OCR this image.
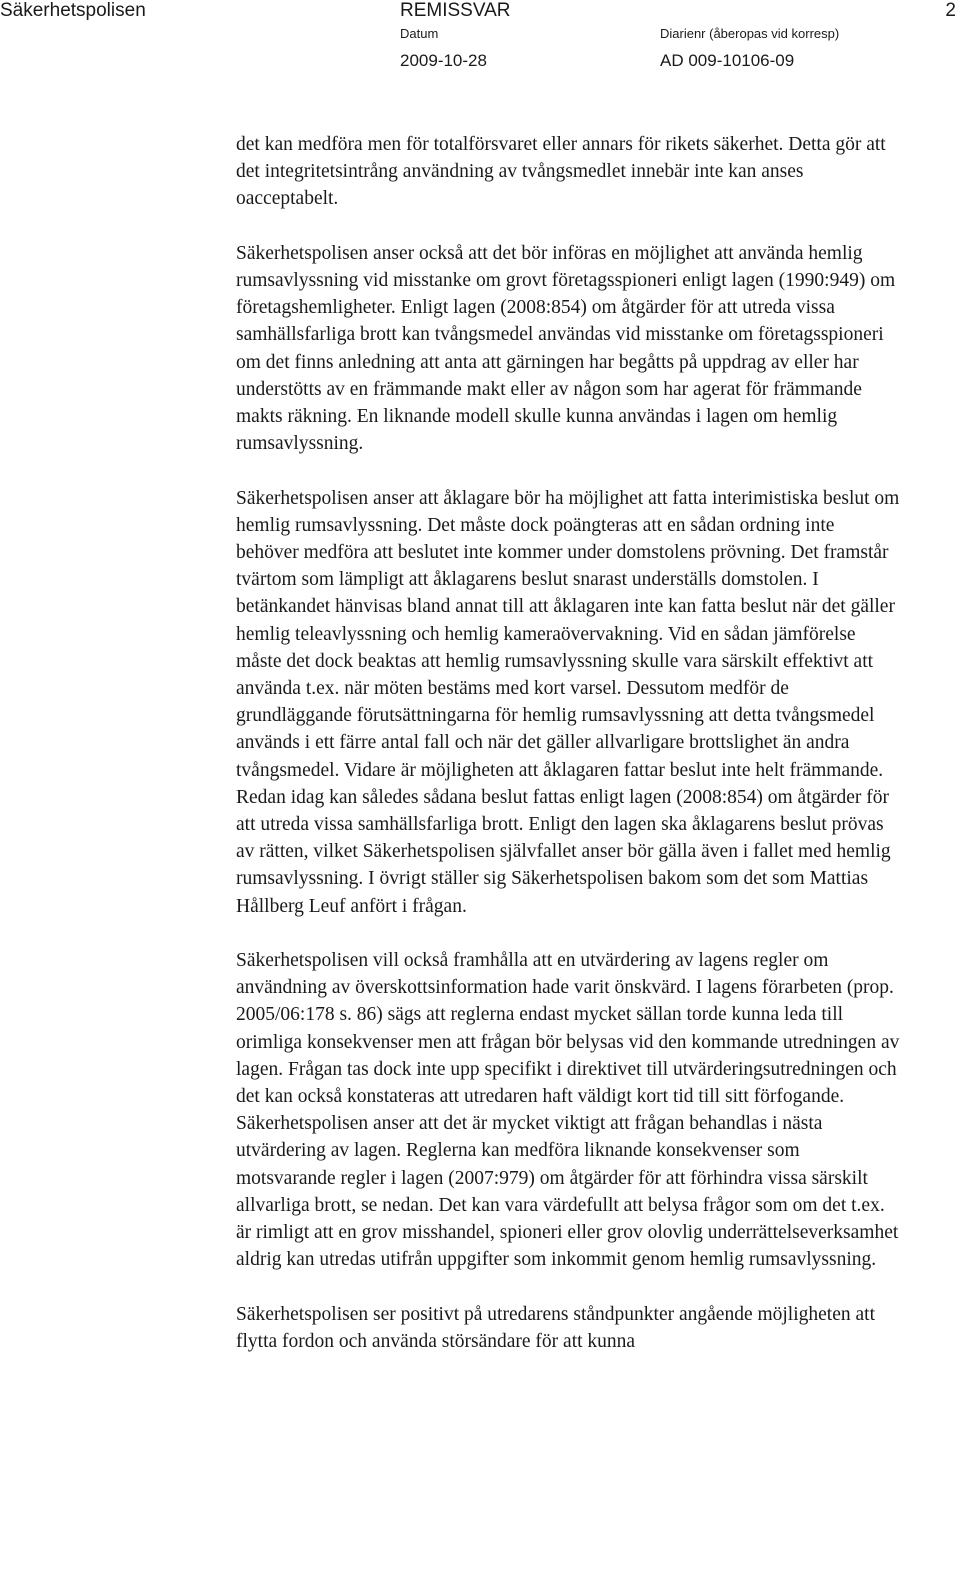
Säkerhetspolisen	REMISSVAR	2
Datum	Diarienr (åberopas vid korresp)
2009-10-28	AD 009-10106-09

det kan medföra men för totalförsvaret eller annars för rikets säkerhet. Detta gör att det integritetsintrång användning av tvångsmedlet innebär inte kan anses oacceptabelt.

Säkerhetspolisen anser också att det bör införas en möjlighet att använda hemlig rumsavlyssning vid misstanke om grovt företagsspioneri enligt lagen (1990:949) om företagshemligheter. Enligt lagen (2008:854) om åtgärder för att utreda vissa samhällsfarliga brott kan tvångsmedel användas vid misstanke om företagsspioneri om det finns anledning att anta att gärningen har begåtts på uppdrag av eller har understötts av en främmande makt eller av någon som har agerat för främmande makts räkning. En liknande modell skulle kunna användas i lagen om hemlig rumsavlyssning.

Säkerhetspolisen anser att åklagare bör ha möjlighet att fatta interimistiska beslut om hemlig rumsavlyssning. Det måste dock poängteras att en sådan ordning inte behöver medföra att beslutet inte kommer under domstolens prövning. Det framstår tvärtom som lämpligt att åklagarens beslut snarast underställs domstolen. I betänkandet hänvisas bland annat till att åklagaren inte kan fatta beslut när det gäller hemlig teleavlyssning och hemlig kameraövervakning. Vid en sådan jämförelse måste det dock beaktas att hemlig rumsavlyssning skulle vara särskilt effektivt att använda t.ex. när möten bestäms med kort varsel. Dessutom medför de grundläggande förutsättningarna för hemlig rumsavlyssning att detta tvångsmedel används i ett färre antal fall och när det gäller allvarligare brottslighet än andra tvångsmedel. Vidare är möjligheten att åklagaren fattar beslut inte helt främmande. Redan idag kan således sådana beslut fattas enligt lagen (2008:854) om åtgärder för att utreda vissa samhällsfarliga brott. Enligt den lagen ska åklagarens beslut prövas av rätten, vilket Säkerhetspolisen självfallet anser bör gälla även i fallet med hemlig rumsavlyssning. I övrigt ställer sig Säkerhetspolisen bakom som det som Mattias Hållberg Leuf anfört i frågan.

Säkerhetspolisen vill också framhålla att en utvärdering av lagens regler om användning av överskottsinformation hade varit önskvärd. I lagens förarbeten (prop. 2005/06:178 s. 86) sägs att reglerna endast mycket sällan torde kunna leda till orimliga konsekvenser men att frågan bör belysas vid den kommande utredningen av lagen. Frågan tas dock inte upp specifikt i direktivet till utvärderingsutredningen och det kan också konstateras att utredaren haft väldigt kort tid till sitt förfogande. Säkerhetspolisen anser att det är mycket viktigt att frågan behandlas i nästa utvärdering av lagen. Reglerna kan medföra liknande konsekvenser som motsvarande regler i lagen (2007:979) om åtgärder för att förhindra vissa särskilt allvarliga brott, se nedan. Det kan vara värdefullt att belysa frågor som om det t.ex. är rimligt att en grov misshandel, spioneri eller grov olovlig underrättelseverksamhet aldrig kan utredas utifrån uppgifter som inkommit genom hemlig rumsavlyssning.

Säkerhetspolisen ser positivt på utredarens ståndpunkter angående möjligheten att flytta fordon och använda störsändare för att kunna
